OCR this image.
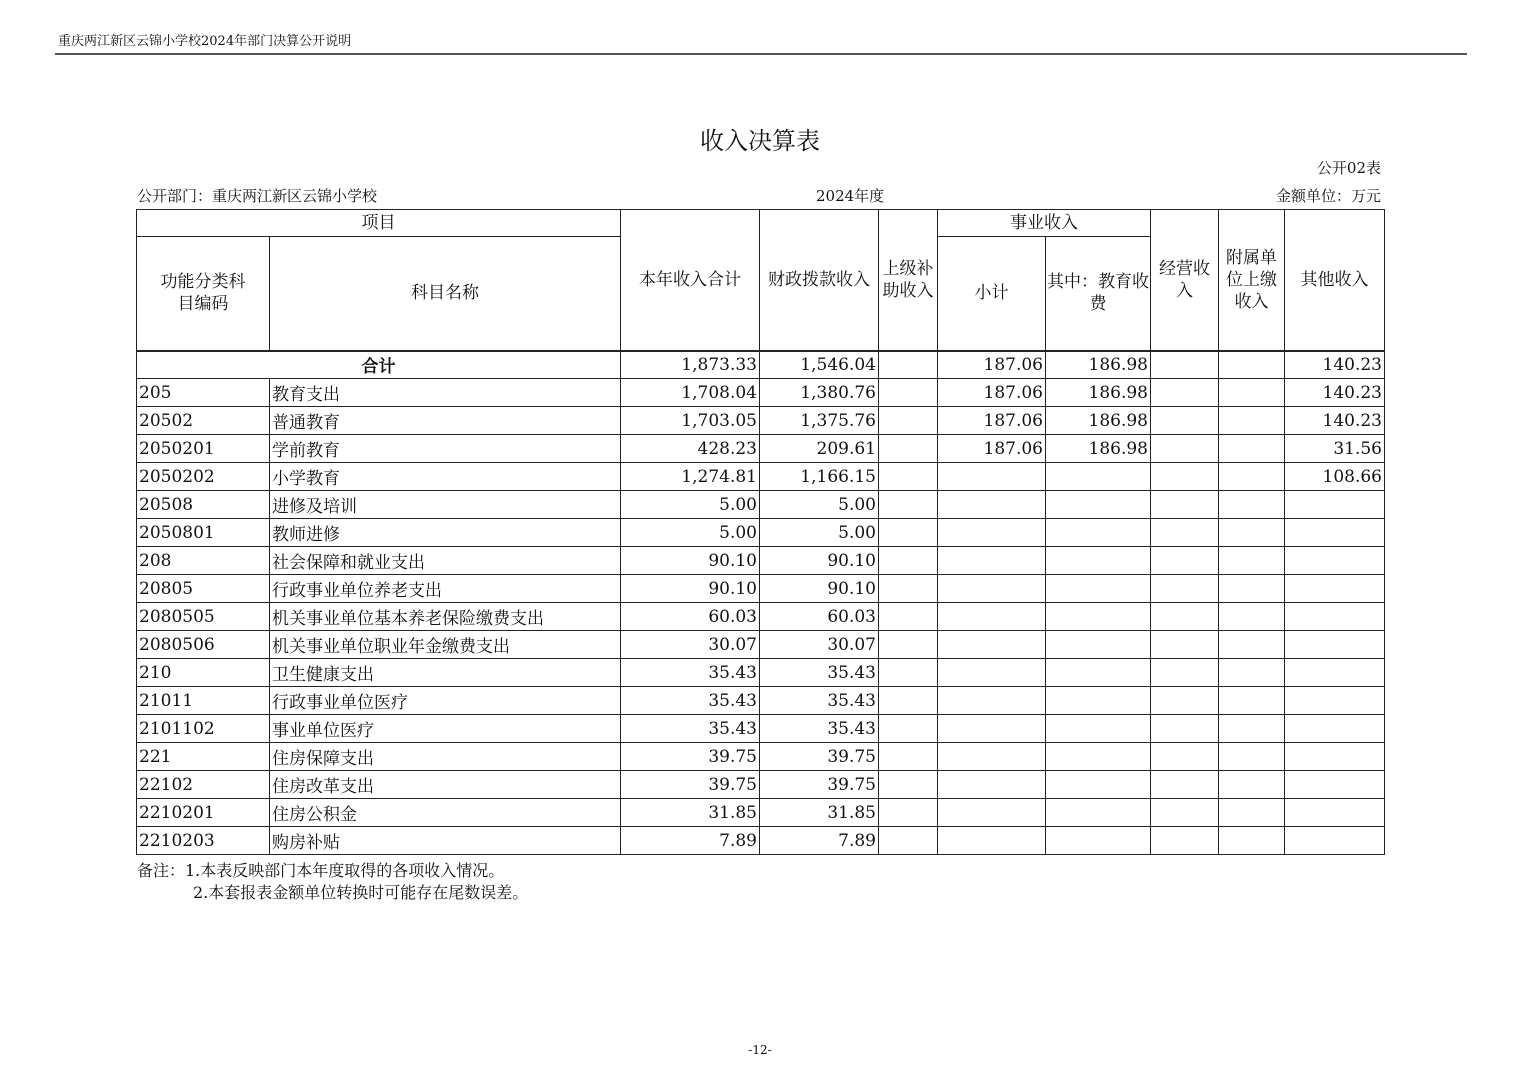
重庆两江新区云锦小学校2024年部门决算公开说明
收入决算表
公开02表
公开部门：重庆两江新区云锦小学校	2024年度	金额单位：万元
项目		本年收入合计	财政拨款收入	上级补助收入	事业收入		经营收入	附属单位上缴收入	其他收入

功能分类科目编码	科目名称				小计	其中：教育收费			

合计		1,873.33	1,546.04		187.06	186.98			140.23
205	教育支出	1,708.04	1,380.76		187.06	186.98			140.23
20502	普通教育	1,703.05	1,375.76		187.06	186.98			140.23
2050201	学前教育	428.23	209.61		187.06	186.98			31.56
2050202	小学教育	1,274.81	1,166.15						108.66
20508	进修及培训	5.00	5.00						
2050801	教师进修	5.00	5.00						
208	社会保障和就业支出	90.10	90.10						
20805	行政事业单位养老支出	90.10	90.10						
2080505	机关事业单位基本养老保险缴费支出	60.03	60.03						
2080506	机关事业单位职业年金缴费支出	30.07	30.07						
210	卫生健康支出	35.43	35.43						
21011	行政事业单位医疗	35.43	35.43						
2101102	事业单位医疗	35.43	35.43						
221	住房保障支出	39.75	39.75						
22102	住房改革支出	39.75	39.75						
2210201	住房公积金	31.85	31.85						
2210203	购房补贴	7.89	7.89						
备注：1.本表反映部门本年度取得的各项收入情况。
2.本套报表金额单位转换时可能存在尾数误差。
-12-
